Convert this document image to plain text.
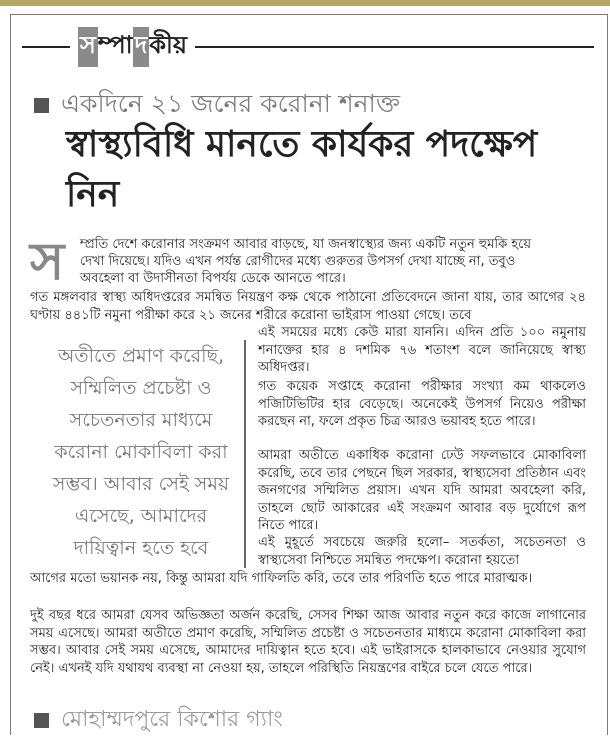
স ম্পা দ কীয়
একদিনে ২১ জনের করোনা শনাক্ত
স্বাস্থ্যবিধি মানতে কার্যকর পদক্ষেপ নিন
স ম্প্রতি দেশে করোনার সংক্রমণ আবার বাড়ছে, যা জনস্বাস্থ্যের জন্য একটি নতুন হুমকি হয়ে
দেখা দিয়েছে। যদিও এখন পর্যন্ত রোগীদের মধ্যে গুরুতর উপসর্গ দেখা যাচ্ছে না, তবুও
অবহেলা বা উদাসীনতা বিপর্যয় ডেকে আনতে পারে।
গত মঙ্গলবার স্বাস্থ্য অধিদপ্তরের সমন্বিত নিয়ন্ত্রণ কক্ষ থেকে পাঠানো প্রতিবেদনে জানা যায়, তার আগের ২৪ ঘণ্টায় ৪৪১টি নমুনা পরীক্ষা করে ২১ জনের শরীরে করোনা ভাইরাস পাওয়া গেছে। তবে
অতীতে প্রমাণ করেছি, সম্মিলিত প্রচেষ্টা ও সচেতনতার মাধ্যমে করোনা মোকাবিলা করা সম্ভব। আবার সেই সময় এসেছে, আমাদের দায়িত্বান হতে হবে
এই সময়ের মধ্যে কেউ মারা যাননি। এদিন প্রতি ১০০ নমুনায় শনাক্তের হার ৪ দশমিক ৭৬ শতাংশ বলে জানিয়েছে স্বাস্থ্য অধিদপ্তর।
গত কয়েক সপ্তাহে করোনা পরীক্ষার সংখ্যা কম থাকলেও পজিটিভিটির হার বেড়েছে। অনেকেই উপসর্গ নিয়েও পরীক্ষা করছেন না, ফলে প্রকৃত চিত্র আরও ভয়াবহ হতে পারে।
আমরা অতীতে একাধিক করোনা ঢেউ সফলভাবে মোকাবিলা করেছি, তবে তার পেছনে ছিল সরকার, স্বাস্থ্যসেবা প্রতিষ্ঠান এবং জনগণের সম্মিলিত প্রয়াস। এখন যদি আমরা অবহেলা করি, তাহলে ছোট আকারের এই সংক্রমণ আবার বড় দুর্যোগে রূপ নিতে পারে।
এই মুহূর্তে সবচেয়ে জরুরি হলো– সতর্কতা, সচেতনতা ও স্বাস্থ্যসেবা নিশ্চিতে সমন্বিত পদক্ষেপ। করোনা হয়তো
আগের মতো ভয়ানক নয়, কিন্তু আমরা যদি গাফিলতি করি, তবে তার পরিণতি হতে পারে মারাত্মক।
দুই বছর ধরে আমরা যেসব অভিজ্ঞতা অর্জন করেছি, সেসব শিক্ষা আজ আবার নতুন করে কাজে লাগানোর সময় এসেছে। আমরা অতীতে প্রমাণ করেছি, সম্মিলিত প্রচেষ্টা ও সচেতনতার মাধ্যমে করোনা মোকাবিলা করা সম্ভব। আবার সেই সময় এসেছে, আমাদের দায়িত্বান হতে হবে। এই ভাইরাসকে হালকাভাবে নেওয়ার সুযোগ নেই। এখনই যদি যথাযথ ব্যবস্থা না নেওয়া হয়, তাহলে পরিস্থিতি নিয়ন্ত্রণের বাইরে চলে যেতে পারে।
মোহাম্মদপুরে কিশোর গ্যাং
